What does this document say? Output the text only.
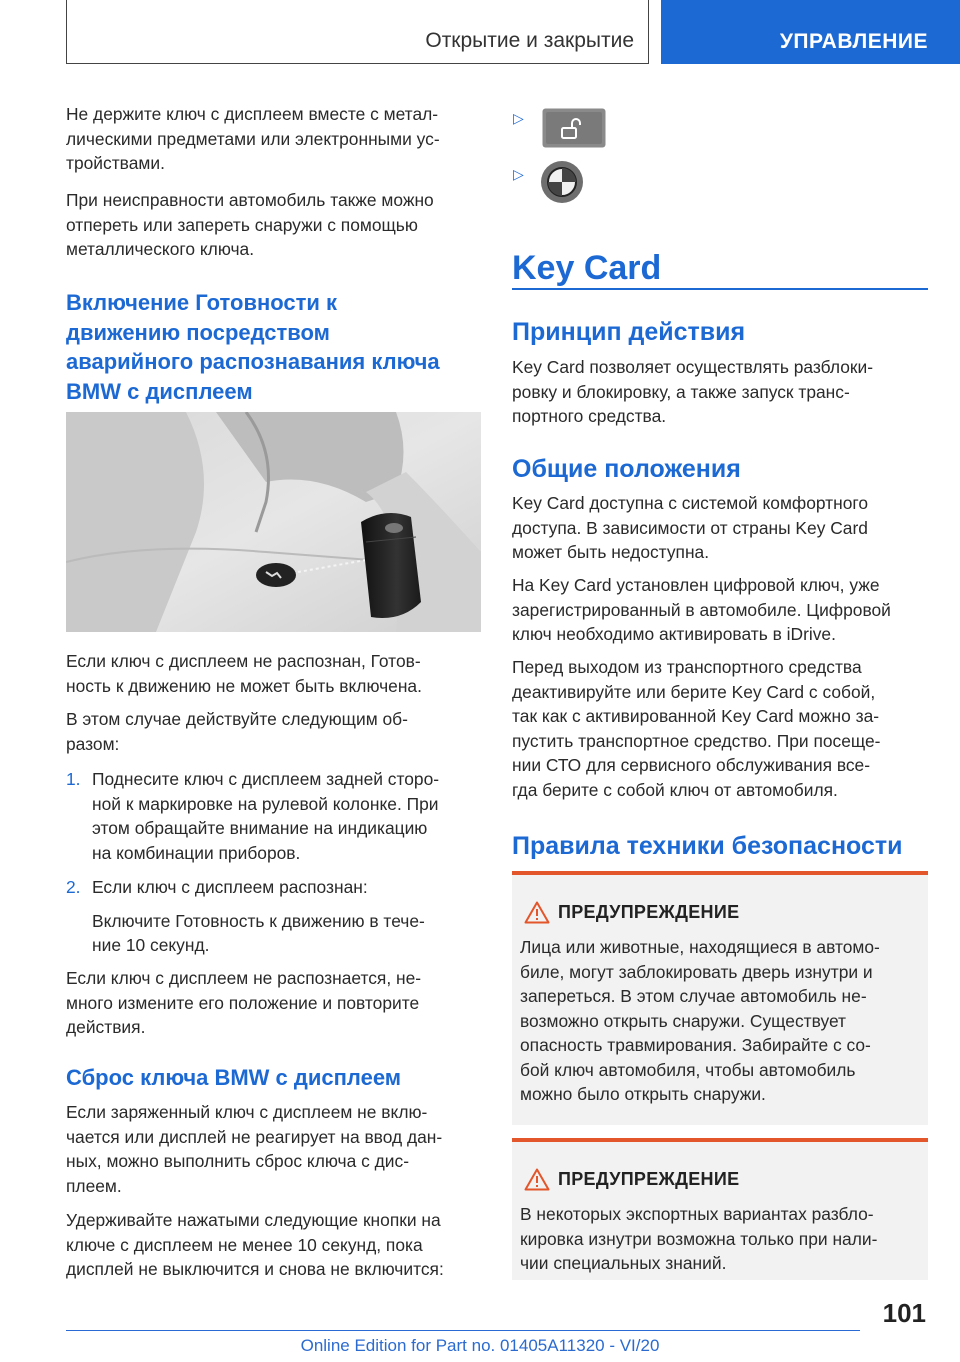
Открытие и закрытие	УПРАВЛЕНИЕ
Не держите ключ с дисплеем вместе с метал‐
лическими предметами или электронными ус‐
тройствами.
При неисправности автомобиль также можно
отпереть или запереть снаружи с помощью
металлического ключа.
Включение Готовности к
движению посредством
аварийного распознавания ключа
BMW с дисплеем
Если ключ с дисплеем не распознан, Готов‐
ность к движению не может быть включена.
В этом случае действуйте следующим об‐
разом:
1. Поднесите ключ с дисплеем задней сторо‐
ной к маркировке на рулевой колонке. При
этом обращайте внимание на индикацию
на комбинации приборов.
2. Если ключ с дисплеем распознан:
Включите Готовность к движению в тече‐
ние 10 секунд.
Если ключ с дисплеем не распознается, не‐
много измените его положение и повторите
действия.
Сброс ключа BMW с дисплеем
Если заряженный ключ с дисплеем не вклю‐
чается или дисплей не реагирует на ввод дан‐
ных, можно выполнить сброс ключа с дис‐
плеем.
Удерживайте нажатыми следующие кнопки на
ключе с дисплеем не менее 10 секунд, пока
дисплей не выключится и снова не включится:
▷
▷
Key Card
Принцип действия
Key Card позволяет осуществлять разблоки‐
ровку и блокировку, а также запуск транс‐
портного средства.
Общие положения
Key Card доступна с системой комфортного
доступа. В зависимости от страны Key Card
может быть недоступна.
На Key Card установлен цифровой ключ, уже
зарегистрированный в автомобиле. Цифровой
ключ необходимо активировать в iDrive.
Перед выходом из транспортного средства
деактивируйте или берите Key Card с собой,
так как с активированной Key Card можно за‐
пустить транспортное средство. При посеще‐
нии СТО для сервисного обслуживания все‐
гда берите с собой ключ от автомобиля.
Правила техники безопасности
ПРЕДУПРЕЖДЕНИЕ
Лица или животные, находящиеся в автомо‐
биле, могут заблокировать дверь изнутри и
запереться. В этом случае автомобиль не‐
возможно открыть снаружи. Существует
опасность травмирования. Забирайте с со‐
бой ключ автомобиля, чтобы автомобиль
можно было открыть снаружи.
ПРЕДУПРЕЖДЕНИЕ
В некоторых экспортных вариантах разбло‐
кировка изнутри возможна только при нали‐
чии специальных знаний.
101
Online Edition for Part no. 01405A11320 - VI/20
